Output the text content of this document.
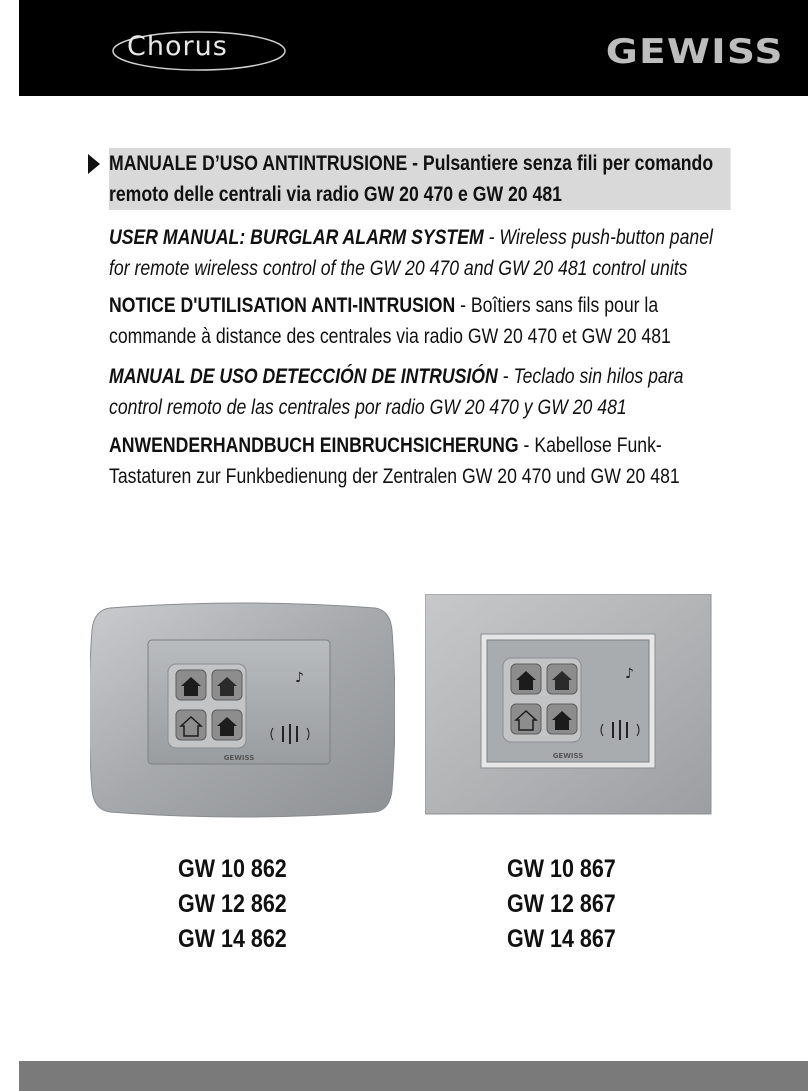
Chorus	GEWISS
MANUALE D’USO ANTINTRUSIONE - Pulsantiere senza fili per comando remoto delle centrali via radio GW 20 470 e GW 20 481
USER MANUAL: BURGLAR ALARM SYSTEM - Wireless push-button panel for remote wireless control of the GW 20 470 and GW 20 481 control units
NOTICE D'UTILISATION ANTI-INTRUSION - Boîtiers sans fils pour la commande à distance des centrales via radio GW 20 470 et GW 20 481
MANUAL DE USO DETECCIÓN DE INTRUSIÓN - Teclado sin hilos para control remoto de las centrales por radio GW 20 470 y GW 20 481
ANWENDERHANDBUCH EINBRUCHSICHERUNG - Kabellose Funk-Tastaturen zur Funkbedienung der Zentralen GW 20 470 und GW 20 481
♪
GEWISS
♪
GEWISS
GW 10 862
GW 12 862
GW 14 862
GW 10 867
GW 12 867
GW 14 867
